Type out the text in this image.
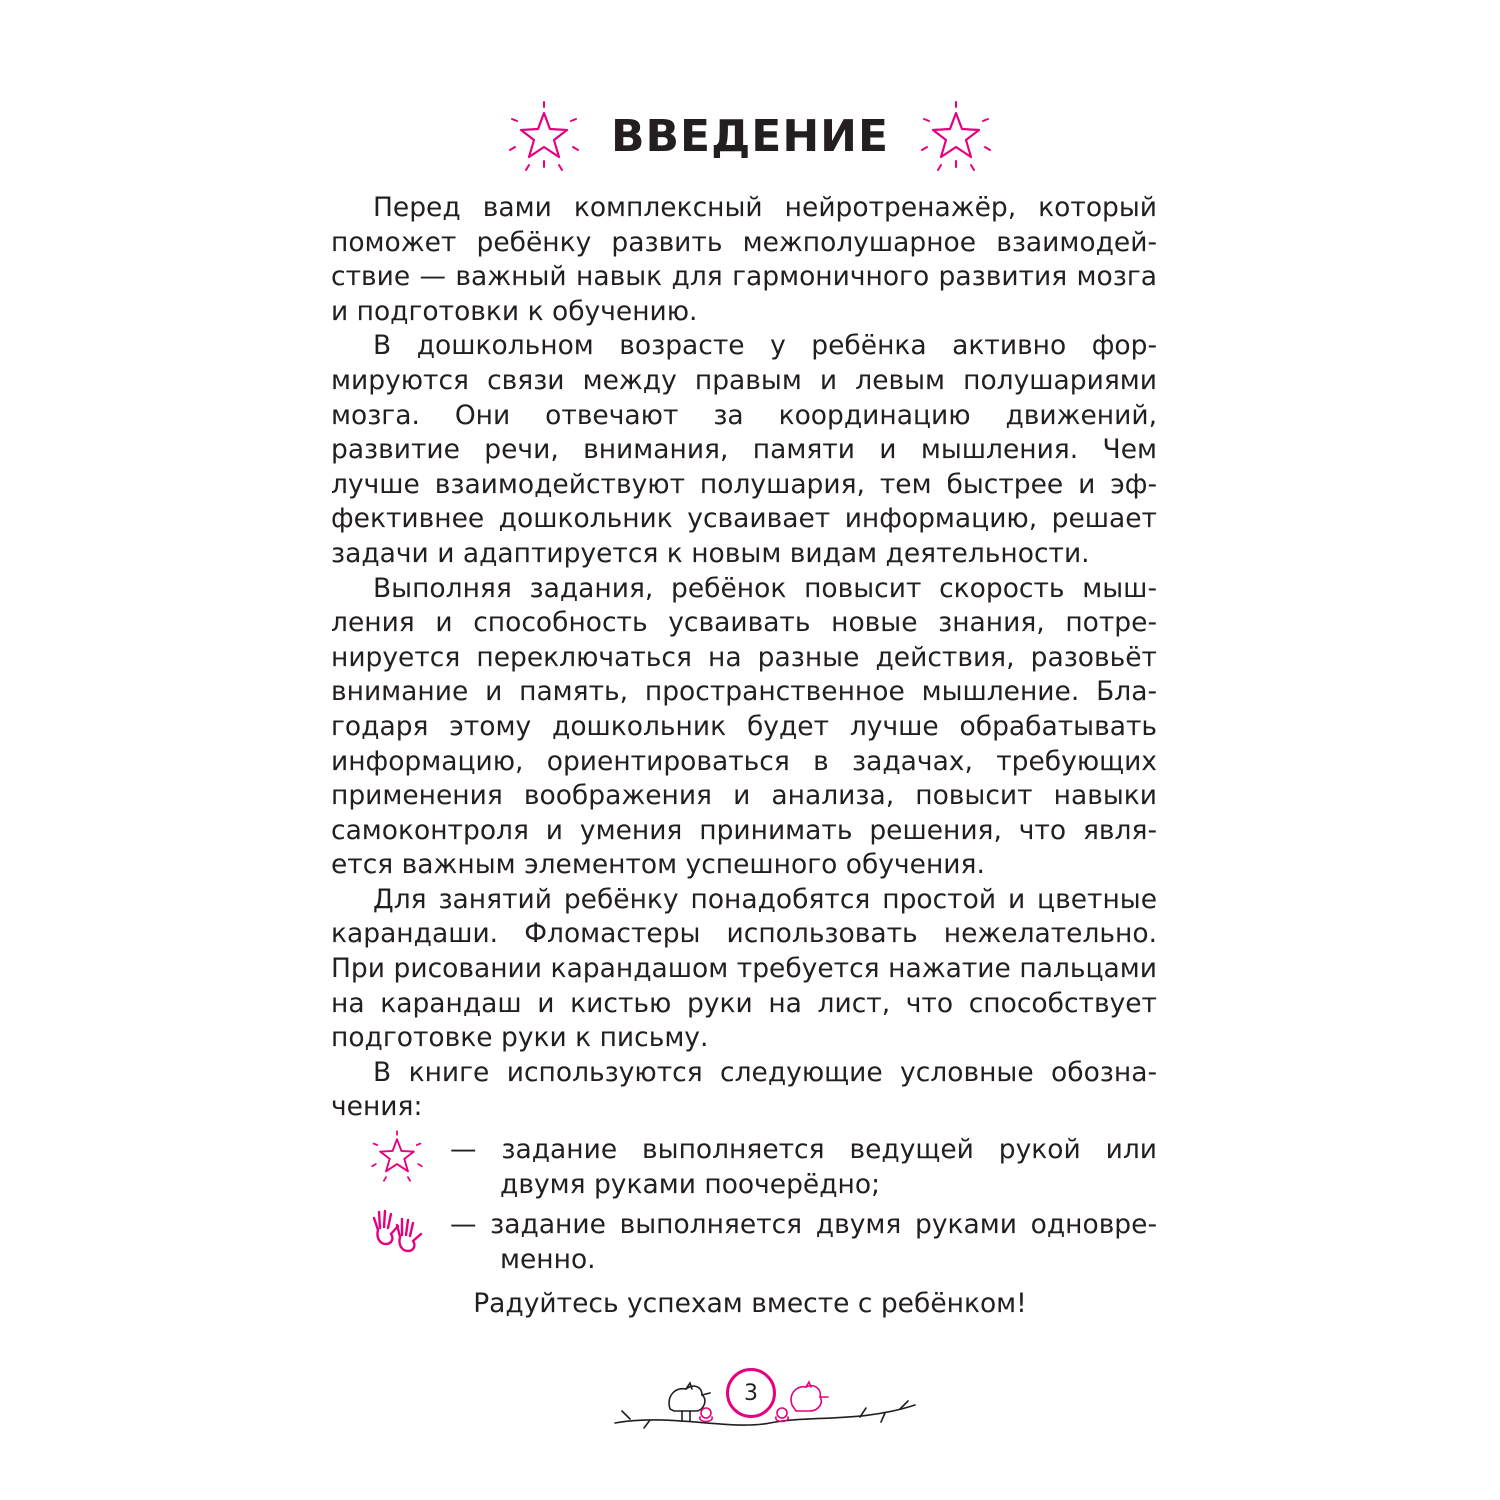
ВВЕДЕНИЕ

Перед вами комплексный нейротренажёр, который поможет ребёнку развить межполушарное взаимодействие — важный навык для гармоничного развития мозга и подготовки к обучению.

В дошкольном возрасте у ребёнка активно формируются связи между правым и левым полушариями мозга. Они отвечают за координацию движений, развитие речи, внимания, памяти и мышления. Чем лучше взаимодействуют полушария, тем быстрее и эффективнее дошкольник усваивает информацию, решает задачи и адаптируется к новым видам деятельности.

Выполняя задания, ребёнок повысит скорость мышления и способность усваивать новые знания, потренируется переключаться на разные действия, разовьёт внимание и память, пространственное мышление. Благодаря этому дошкольник будет лучше обрабатывать информацию, ориентироваться в задачах, требующих применения воображения и анализа, повысит навыки самоконтроля и умения принимать решения, что является важным элементом успешного обучения.

Для занятий ребёнку понадобятся простой и цветные карандаши. Фломастеры использовать нежелательно. При рисовании карандашом требуется нажатие пальцами на карандаш и кистью руки на лист, что способствует подготовке руки к письму.

В книге используются следующие условные обозначения:

— задание выполняется ведущей рукой или двумя руками поочерёдно;
— задание выполняется двумя руками одновременно.
Радуйтесь успехам вместе с ребёнком!
3
